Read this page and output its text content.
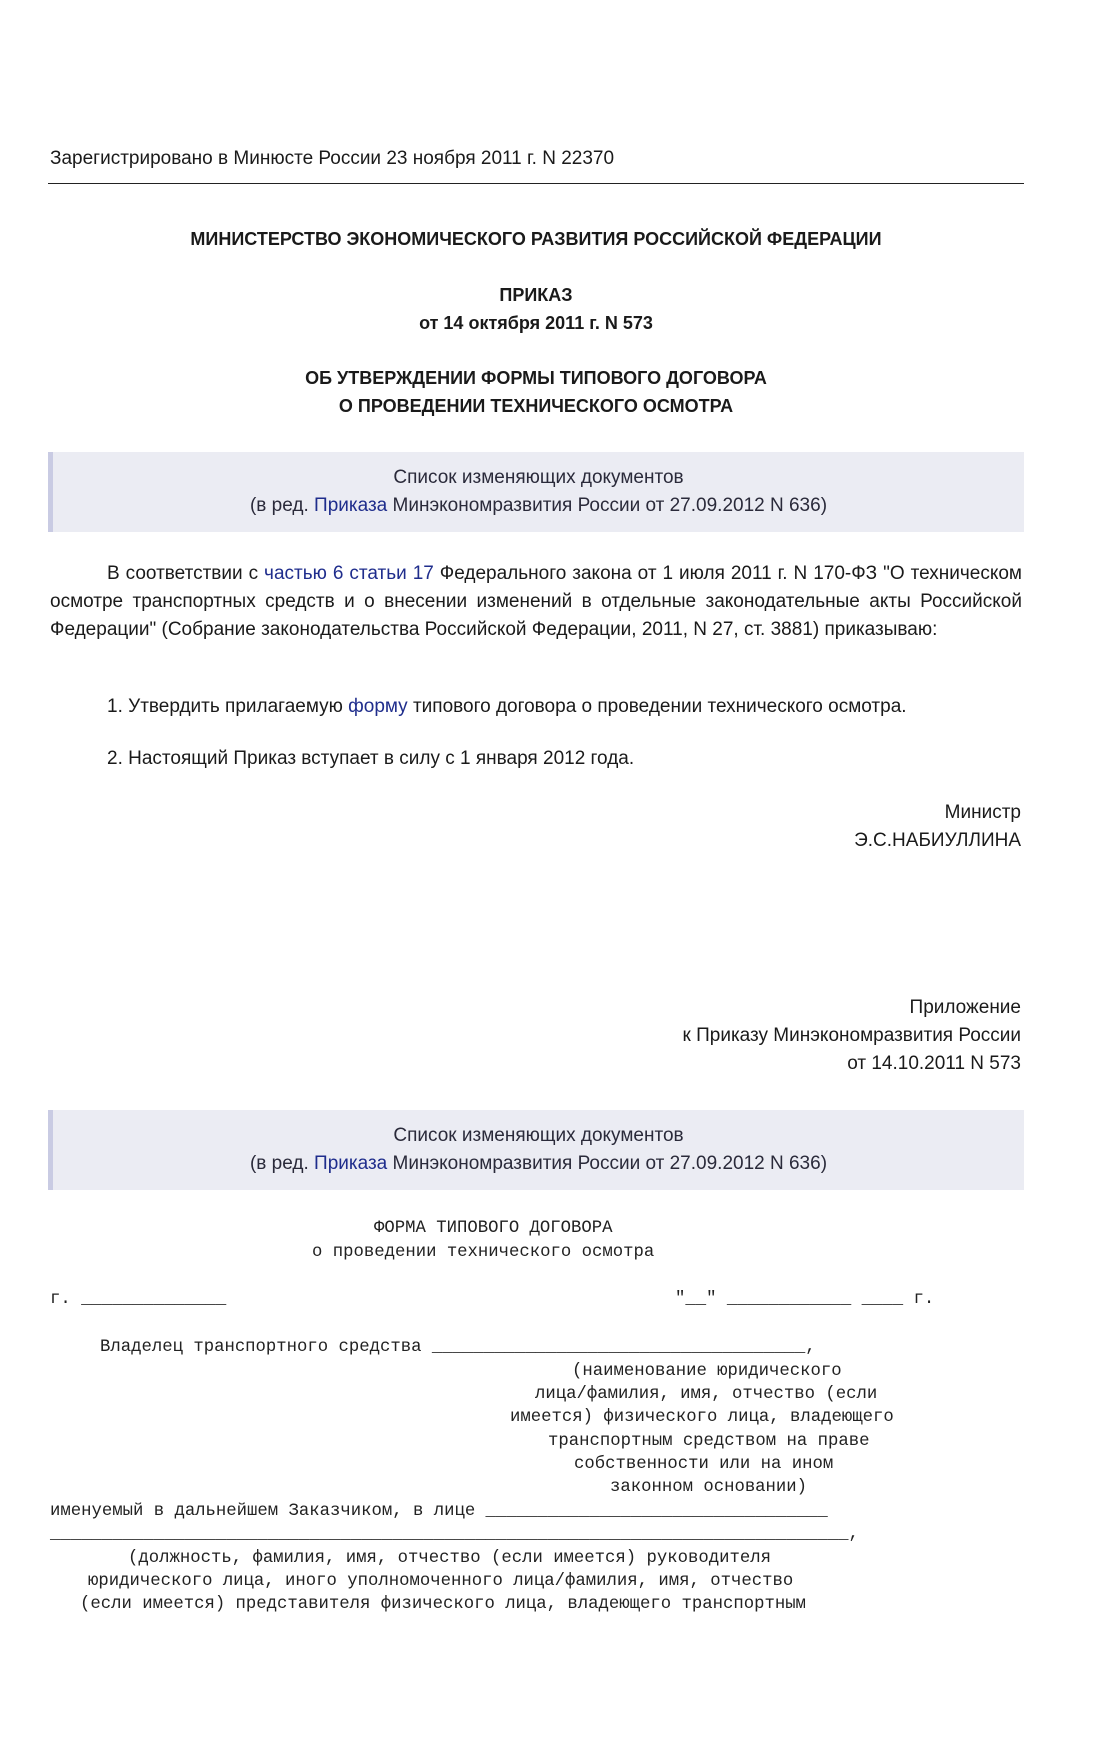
Зарегистрировано в Минюсте России 23 ноября 2011 г. N 22370
МИНИСТЕРСТВО ЭКОНОМИЧЕСКОГО РАЗВИТИЯ РОССИЙСКОЙ ФЕДЕРАЦИИ
ПРИКАЗ
от 14 октября 2011 г. N 573
ОБ УТВЕРЖДЕНИИ ФОРМЫ ТИПОВОГО ДОГОВОРА
О ПРОВЕДЕНИИ ТЕХНИЧЕСКОГО ОСМОТРА
Список изменяющих документов
(в ред. Приказа Минэкономразвития России от 27.09.2012 N 636)
В соответствии с частью 6 статьи 17 Федерального закона от 1 июля 2011 г. N 170-ФЗ "О техническом осмотре транспортных средств и о внесении изменений в отдельные законодательные акты Российской Федерации" (Собрание законодательства Российской Федерации, 2011, N 27, ст. 3881) приказываю:
1. Утвердить прилагаемую форму типового договора о проведении технического осмотра.
2. Настоящий Приказ вступает в силу с 1 января 2012 года.
Министр
Э.С.НАБИУЛЛИНА
Приложение
к Приказу Минэкономразвития России
от 14.10.2011 N 573
Список изменяющих документов
(в ред. Приказа Минэкономразвития России от 27.09.2012 N 636)
ФОРМА ТИПОВОГО ДОГОВОРА
о проведении технического осмотра
г. ______________	"__" ____________ ____ г.
Владелец транспортного средства ____________________________________,
(наименование юридического
лица/фамилия, имя, отчество (если
имеется) физического лица, владеющего
транспортным средством на праве
собственности или на ином
законном основании)
именуемый в дальнейшем Заказчиком, в лице _________________________________
_____________________________________________________________________________,
(должность, фамилия, имя, отчество (если имеется) руководителя
юридического лица, иного уполномоченного лица/фамилия, имя, отчество
(если имеется) представителя физического лица, владеющего транспортным
